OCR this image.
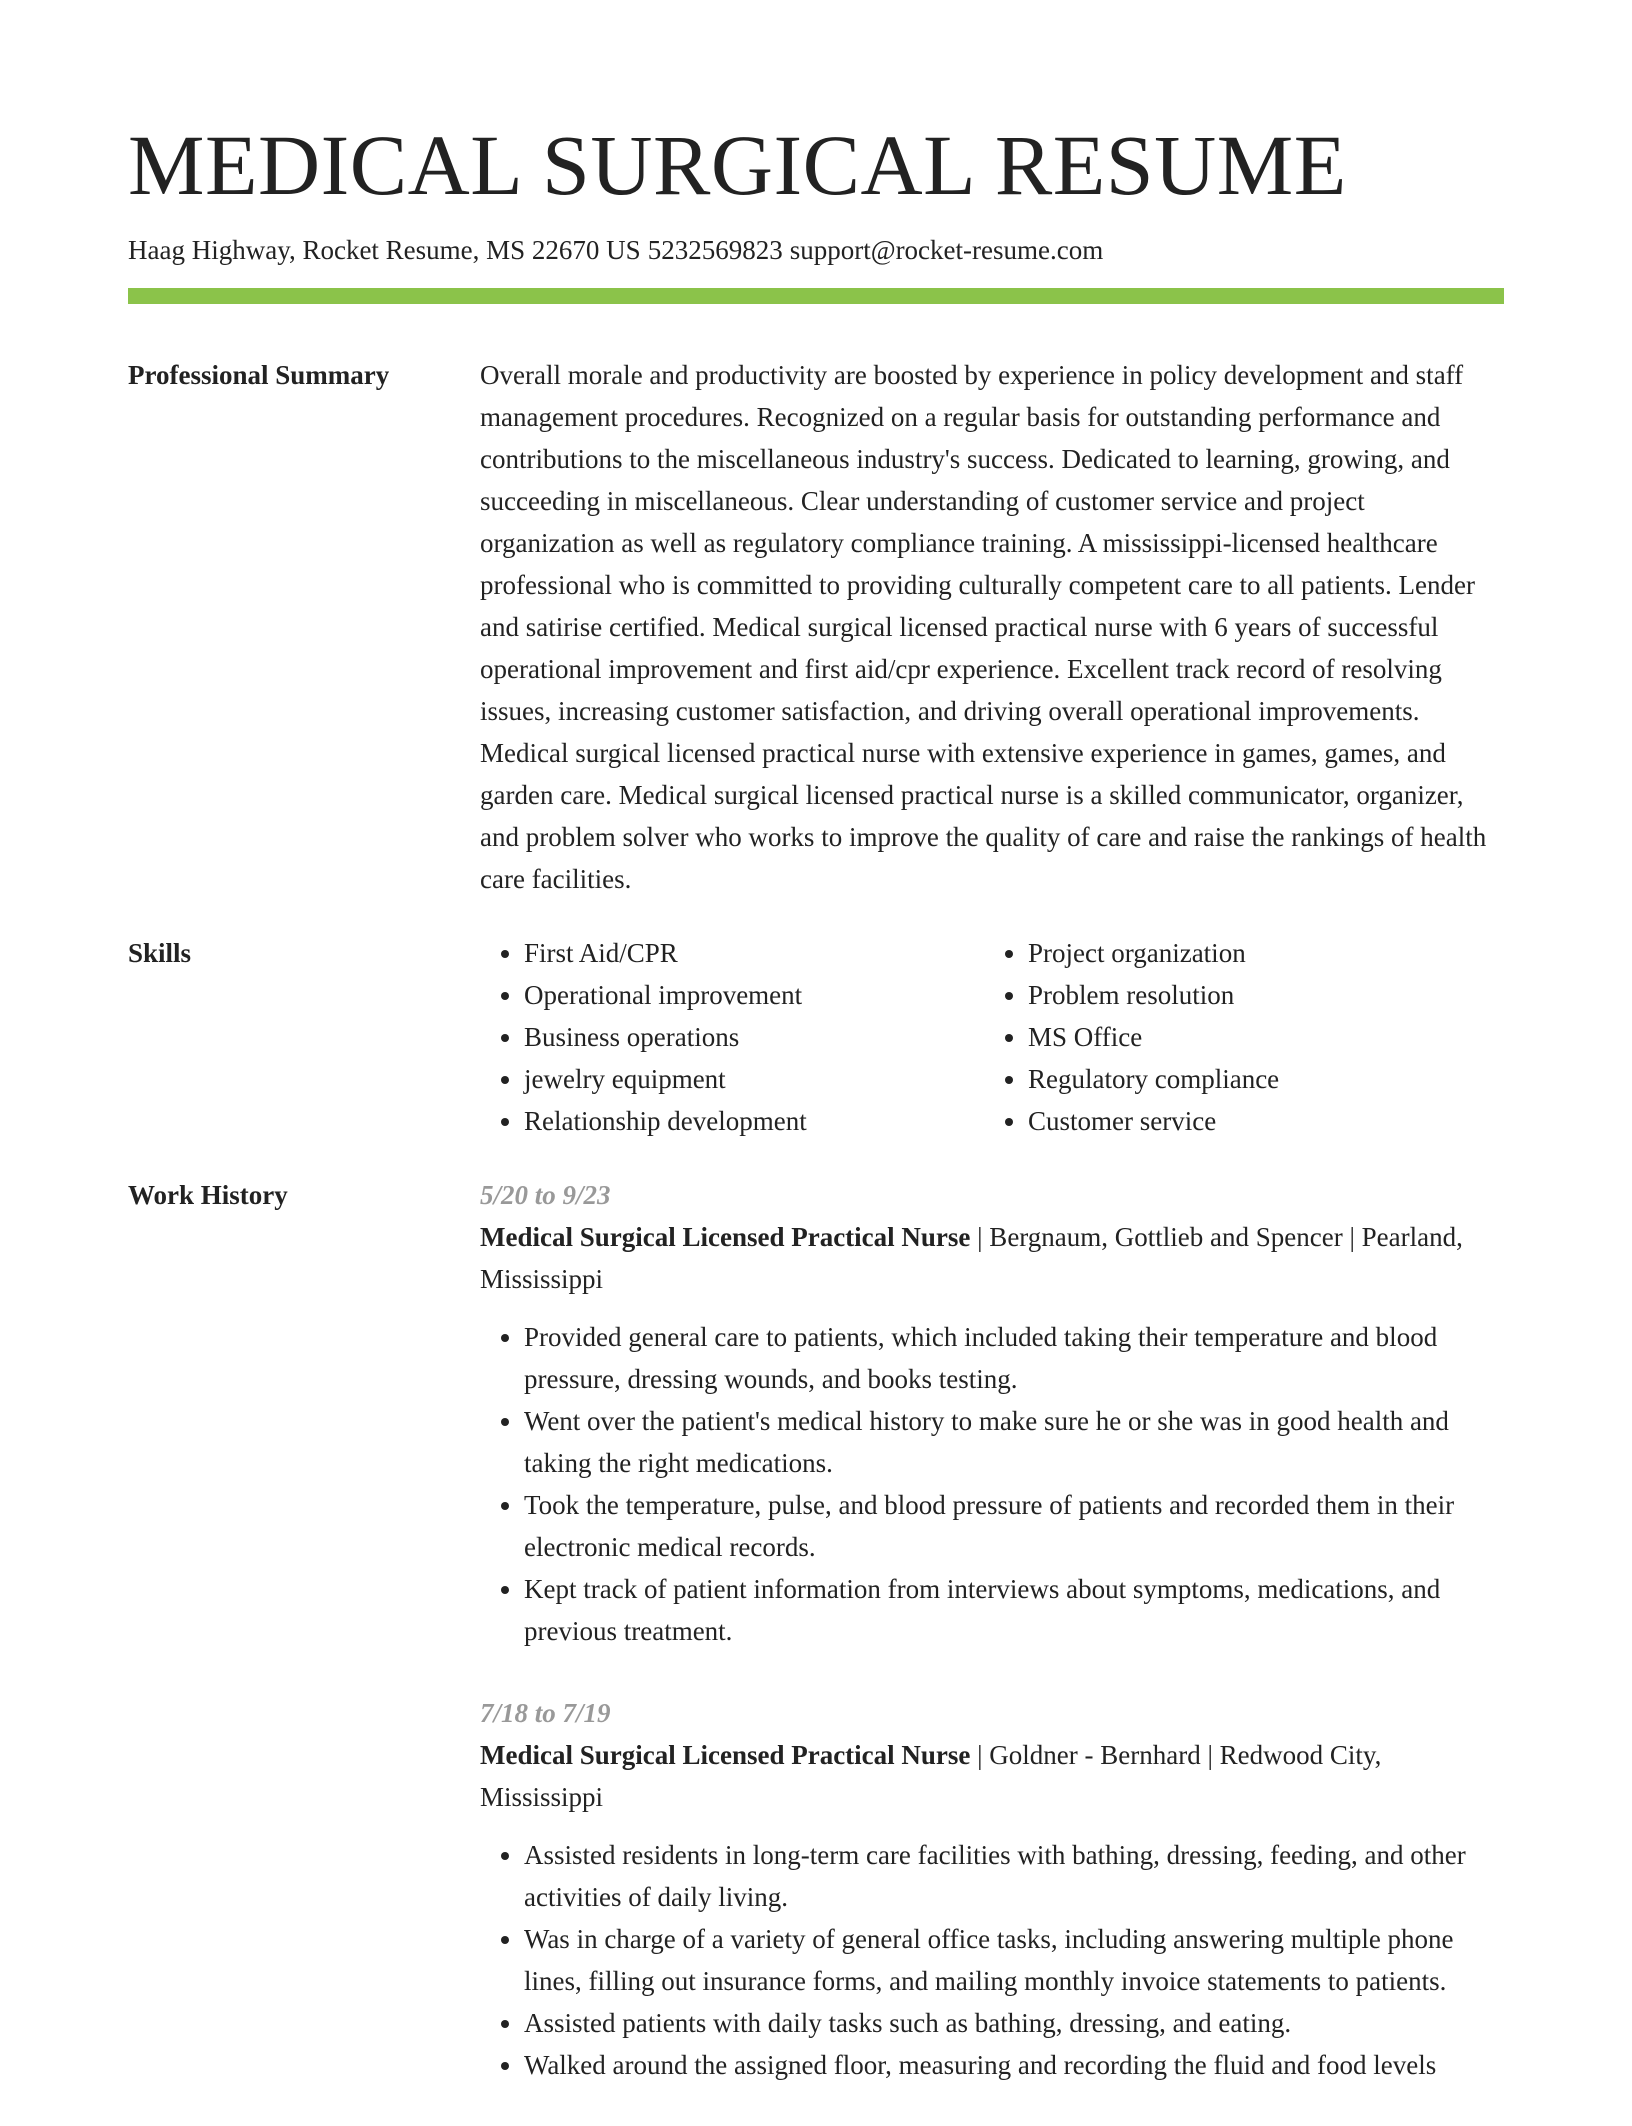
MEDICAL SURGICAL RESUME
Haag Highway, Rocket Resume, MS 22670 US 5232569823 support@rocket-resume.com
Professional Summary	Overall morale and productivity are boosted by experience in policy development and staff management procedures. Recognized on a regular basis for outstanding performance and contributions to the miscellaneous industry's success. Dedicated to learning, growing, and succeeding in miscellaneous. Clear understanding of customer service and project organization as well as regulatory compliance training. A mississippi-licensed healthcare professional who is committed to providing culturally competent care to all patients. Lender and satirise certified. Medical surgical licensed practical nurse with 6 years of successful operational improvement and first aid/cpr experience. Excellent track record of resolving issues, increasing customer satisfaction, and driving overall operational improvements. Medical surgical licensed practical nurse with extensive experience in games, games, and garden care. Medical surgical licensed practical nurse is a skilled communicator, organizer, and problem solver who works to improve the quality of care and raise the rankings of health care facilities.

Skills
•	First Aid/CPR
• Operational improvement
• Business operations
• jewelry equipment
• Relationship development
• Project organization
• Problem resolution
• MS Office
• Regulatory compliance
• Customer service
Work History	5/20 to 9/23
Medical Surgical Licensed Practical Nurse | Bergnaum, Gottlieb and Spencer | Pearland, Mississippi
• Provided general care to patients, which included taking their temperature and blood pressure, dressing wounds, and books testing.
• Went over the patient's medical history to make sure he or she was in good health and taking the right medications.
• Took the temperature, pulse, and blood pressure of patients and recorded them in their electronic medical records.
• Kept track of patient information from interviews about symptoms, medications, and previous treatment.
7/18 to 7/19
Medical Surgical Licensed Practical Nurse | Goldner - Bernhard | Redwood City, Mississippi
• Assisted residents in long-term care facilities with bathing, dressing, feeding, and other activities of daily living.
• Was in charge of a variety of general office tasks, including answering multiple phone lines, filling out insurance forms, and mailing monthly invoice statements to patients.
• Assisted patients with daily tasks such as bathing, dressing, and eating.
• Walked around the assigned floor, measuring and recording the fluid and food levels
